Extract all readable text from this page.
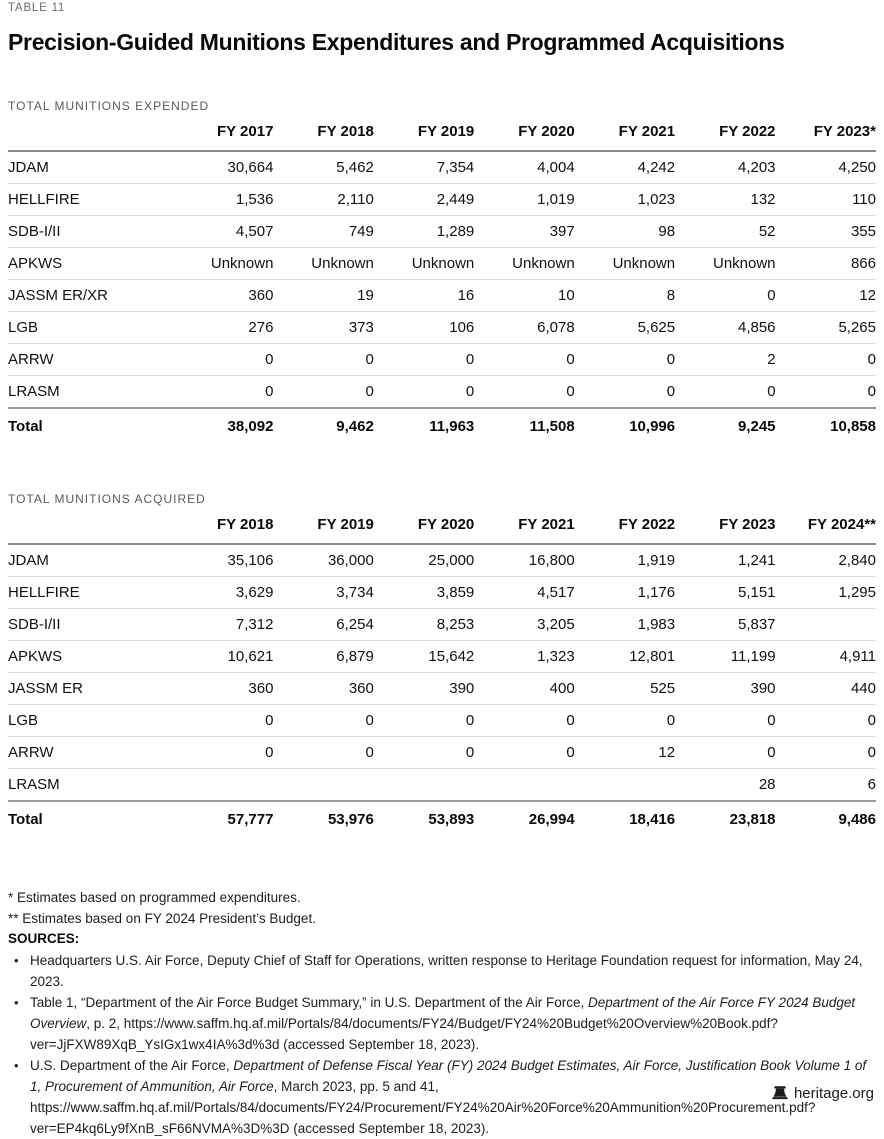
TABLE 11

Precision-Guided Munitions Expenditures and Programmed Acquisitions

TOTAL MUNITIONS EXPENDED

	FY 2017	FY 2018	FY 2019	FY 2020	FY 2021	FY 2022	FY 2023*
JDAM	30,664	5,462	7,354	4,004	4,242	4,203	4,250
HELLFIRE	1,536	2,110	2,449	1,019	1,023	132	110
SDB-I/II	4,507	749	1,289	397	98	52	355
APKWS	Unknown	Unknown	Unknown	Unknown	Unknown	Unknown	866
JASSM ER/XR	360	19	16	10	8	0	12
LGB	276	373	106	6,078	5,625	4,856	5,265
ARRW	0	0	0	0	0	2	0
LRASM	0	0	0	0	0	0	0
Total	38,092	9,462	11,963	11,508	10,996	9,245	10,858

TOTAL MUNITIONS ACQUIRED

	FY 2018	FY 2019	FY 2020	FY 2021	FY 2022	FY 2023	FY 2024**
JDAM	35,106	36,000	25,000	16,800	1,919	1,241	2,840
HELLFIRE	3,629	3,734	3,859	4,517	1,176	5,151	1,295
SDB-I/II	7,312	6,254	8,253	3,205	1,983	5,837	
APKWS	10,621	6,879	15,642	1,323	12,801	11,199	4,911
JASSM ER	360	360	390	400	525	390	440
LGB	0	0	0	0	0	0	0
ARRW	0	0	0	0	12	0	0
LRASM						28	6
Total	57,777	53,976	53,893	26,994	18,416	23,818	9,486

* Estimates based on programmed expenditures.

** Estimates based on FY 2024 President’s Budget.

SOURCES:

• Headquarters U.S. Air Force, Deputy Chief of Staff for Operations, written response to Heritage Foundation request for information, May 24, 2023.
• Table 1, “Department of the Air Force Budget Summary,” in U.S. Department of the Air Force, Department of the Air Force FY 2024 Budget Overview, p. 2, https://www.saffm.hq.af.mil/Portals/84/documents/FY24/Budget/FY24%20Budget%20Overview%20Book.pdf?ver=JjFXW89XqB_YsIGx1wx4IA%3d%3d (accessed September 18, 2023).
• U.S. Department of the Air Force, Department of Defense Fiscal Year (FY) 2024 Budget Estimates, Air Force, Justification Book Volume 1 of 1, Procurement of Ammunition, Air Force, March 2023, pp. 5 and 41, https://www.saffm.hq.af.mil/Portals/84/documents/FY24/Procurement/FY24%20Air%20Force%20Ammunition%20Procurement.pdf?ver=EP4kq6Ly9fXnB_sF66NVMA%3D%3D (accessed September 18, 2023).
heritage.org
